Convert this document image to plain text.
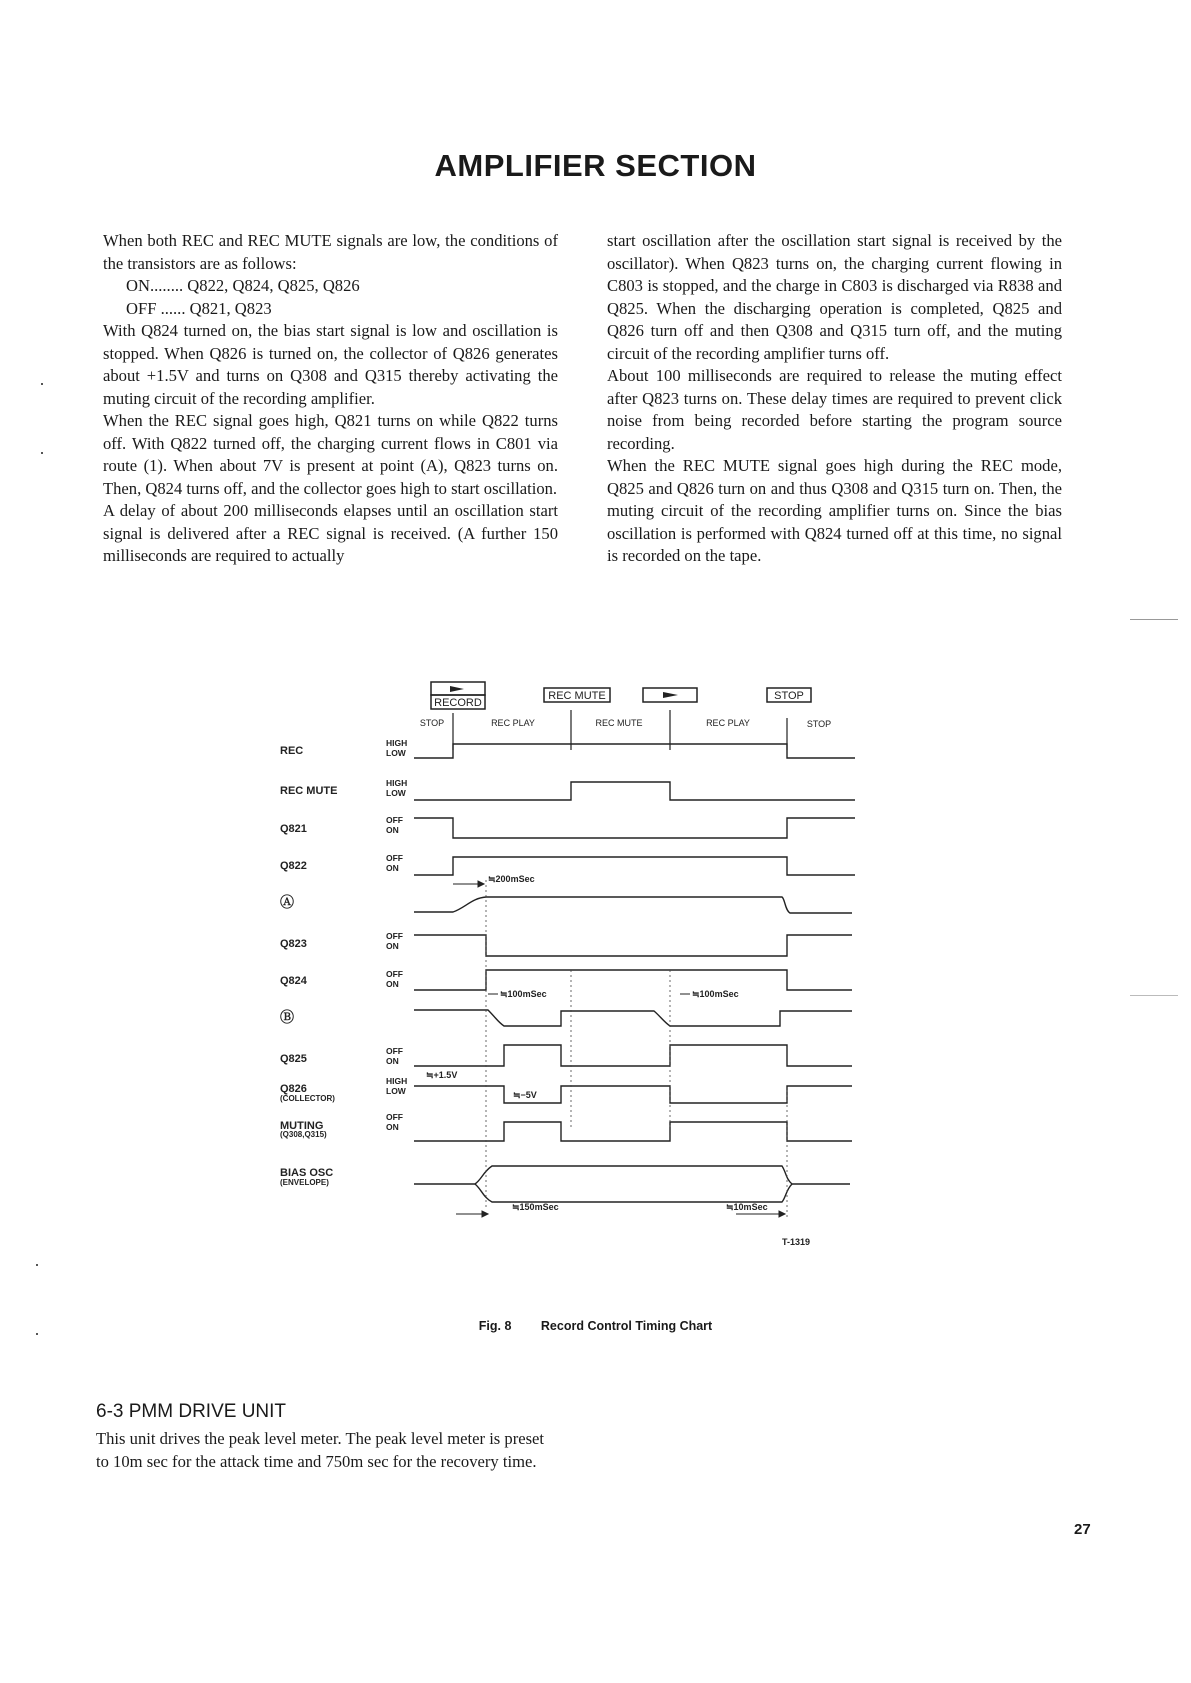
AMPLIFIER SECTION

When both REC and REC MUTE signals are low, the conditions of the transistors are as follows:

ON........ Q822, Q824, Q825, Q826

OFF ...... Q821, Q823

With Q824 turned on, the bias start signal is low and oscillation is stopped. When Q826 is turned on, the collector of Q826 generates about +1.5V and turns on Q308 and Q315 thereby activating the muting circuit of the recording amplifier.

When the REC signal goes high, Q821 turns on while Q822 turns off. With Q822 turned off, the charging current flows in C801 via route (1). When about 7V is present at point (A), Q823 turns on. Then, Q824 turns off, and the collector goes high to start oscillation.

A delay of about 200 milliseconds elapses until an oscillation start signal is delivered after a REC signal is received. (A further 150 milliseconds are required to actually

start oscillation after the oscillation start signal is received by the oscillator). When Q823 turns on, the charging current flowing in C803 is stopped, and the charge in C803 is discharged via R838 and Q825. When the discharging operation is completed, Q825 and Q826 turn off and then Q308 and Q315 turn off, and the muting circuit of the recording amplifier turns off.

About 100 milliseconds are required to release the muting effect after Q823 turns on. These delay times are required to prevent click noise from being recorded before starting the program source recording.

When the REC MUTE signal goes high during the REC mode, Q825 and Q826 turn on and thus Q308 and Q315 turn on. Then, the muting circuit of the recording amplifier turns on. Since the bias oscillation is performed with Q824 turned off at this time, no signal is recorded on the tape.

RECORD
REC MUTE	STOP
STOP	REC PLAY	REC MUTE	REC PLAY	STOP
REC
REC MUTE
Q821
Q822
Ⓐ
Q823
Q824
Ⓑ
Q825
Q826
MUTING
BIAS OSC
(COLLECTOR)
(Q308,Q315)
(ENVELOPE)
HIGH
LOW
HIGH
LOW
OFF
ON
OFF
ON
OFF
ON
OFF
ON
OFF
ON
HIGH
LOW
OFF
ON
≒200mSec
≒100mSec	≒100mSec
≒+1.5V
≒−5V
≒150mSec	≒10mSec
T-1319
Fig. 8 Record Control Timing Chart
6-3 PMM DRIVE UNIT

This unit drives the peak level meter. The peak level meter is preset to 10m sec for the attack time and 750m sec for the recovery time.

27
